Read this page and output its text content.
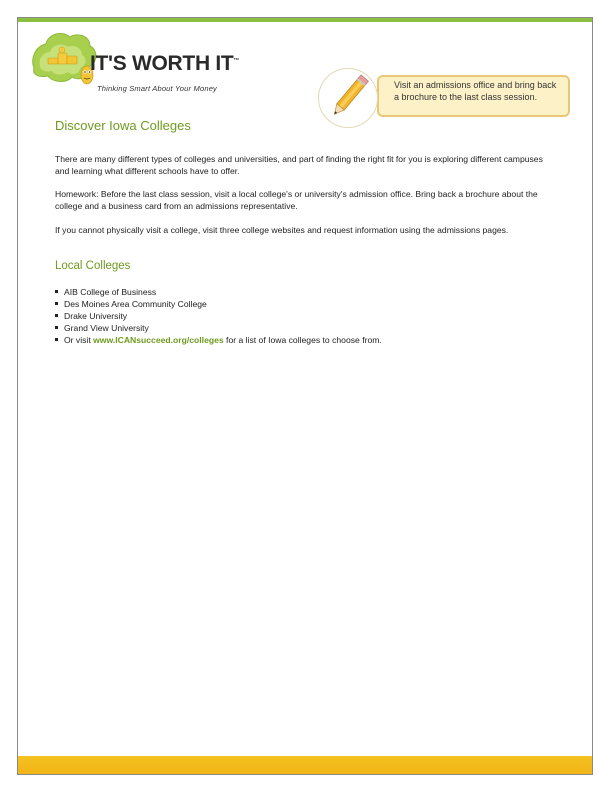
IT'S WORTH IT™
Thinking Smart About Your Money	Visit an admissions office and bring back a brochure to the last class session.
Discover Iowa Colleges

There are many different types of colleges and universities, and part of finding the right fit for you is exploring different campuses and learning what different schools have to offer.

Homework: Before the last class session, visit a local college's or university's admission office. Bring back a brochure about the college and a business card from an admissions representative.

If you cannot physically visit a college, visit three college websites and request information using the admissions pages.

Local Colleges
AIB College of Business
Des Moines Area Community College
Drake University
Grand View University
Or visit www.ICANsucceed.org/colleges for a list of Iowa colleges to choose from.
